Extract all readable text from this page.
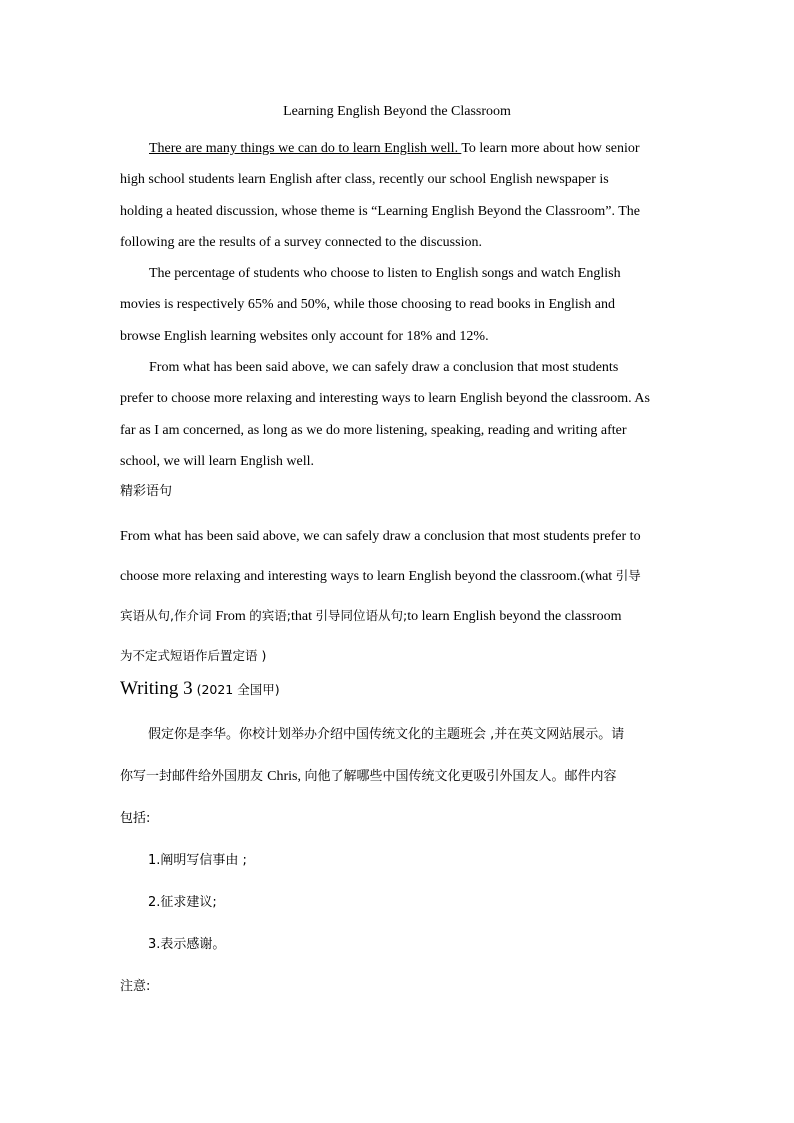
Learning English Beyond the Classroom
There are many things we can do to learn English well. To learn more about how senior
high school students learn English after class, recently our school English newspaper is
holding a heated discussion, whose theme is “Learning English Beyond the Classroom”. The
following are the results of a survey connected to the discussion.
The percentage of students who choose to listen to English songs and watch English
movies is respectively 65% and 50%, while those choosing to read books in English and
browse English learning websites only account for 18% and 12%.
From what has been said above, we can safely draw a conclusion that most students
prefer to choose more relaxing and interesting ways to learn English beyond the classroom. As
far as I am concerned, as long as we do more listening, speaking, reading and writing after
school, we will learn English well.
精彩语句
From what has been said above, we can safely draw a conclusion that most students prefer to
choose more relaxing and interesting ways to learn English beyond the classroom.(what 引导
宾语从句,作介词 From 的宾语;that 引导同位语从句;to learn English beyond the classroom
为不定式短语作后置定语 )
Writing 3 (2021 全国甲)
假定你是李华。你校计划举办介绍中国传统文化的主题班会 ,并在英文网站展示。请
你写一封邮件给外国朋友 Chris, 向他了解哪些中国传统文化更吸引外国友人。邮件内容
包括:
1.阐明写信事由 ;
2.征求建议;
3.表示感谢。
注意:
